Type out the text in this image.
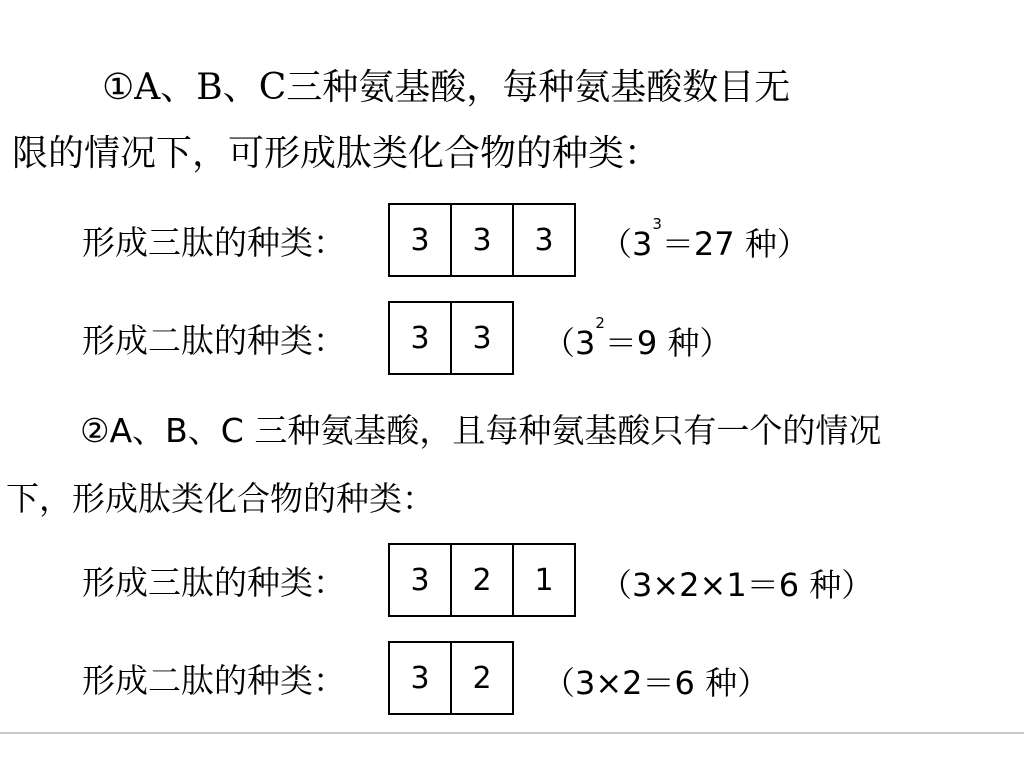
①A、B、C三种氨基酸，每种氨基酸数目无
限的情况下，可形成肽类化合物的种类：
形成三肽的种类：	3	3	3	（$3^3=27$ 种）
形成二肽的种类：	3	3	（$3^2=9$ 种）
②A、B、C 三种氨基酸，且每种氨基酸只有一个的情况
下，形成肽类化合物的种类：
形成三肽的种类：	3	2	1	（3×2×1＝6 种）
形成二肽的种类：	3	2	（3×2＝6 种）
